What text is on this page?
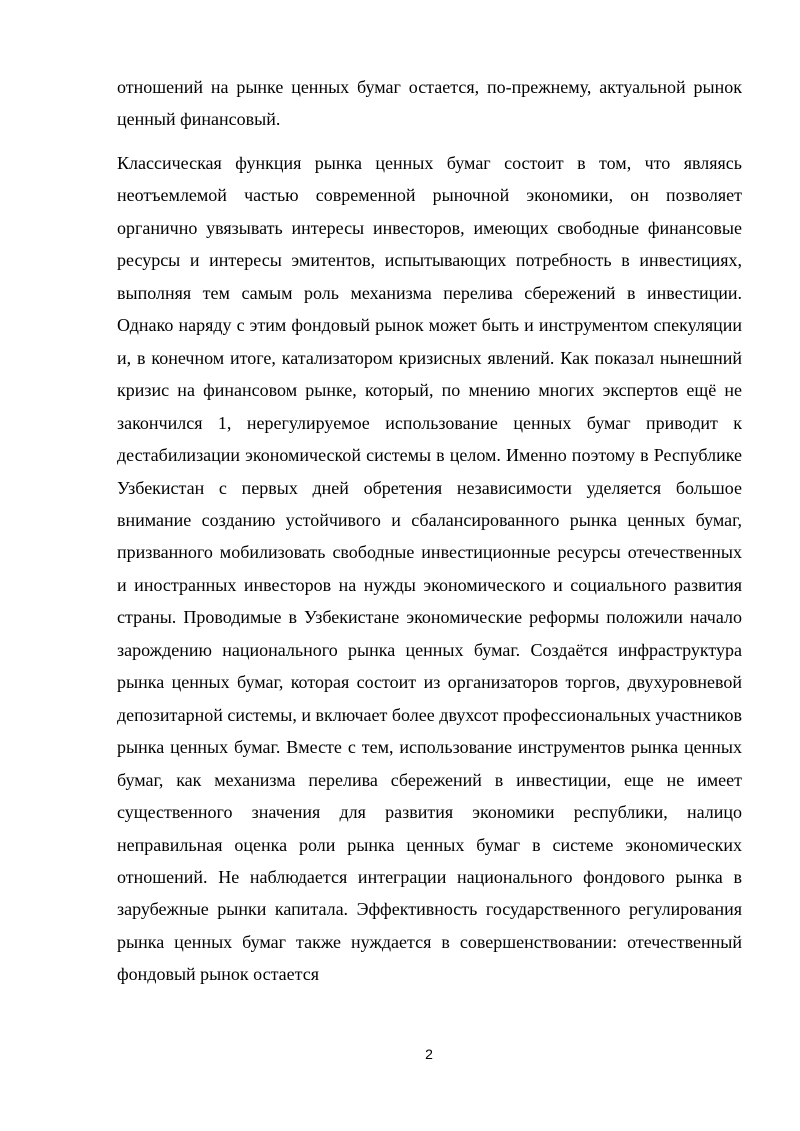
отношений на рынке ценных бумаг остается, по-прежнему, актуальной рынок ценный финансовый.

Классическая функция рынка ценных бумаг состоит в том, что являясь неотъемлемой частью современной рыночной экономики, он позволяет органично увязывать интересы инвесторов, имеющих свободные финансовые ресурсы и интересы эмитентов, испытывающих потребность в инвестициях, выполняя тем самым роль механизма перелива сбережений в инвестиции. Однако наряду с этим фондовый рынок может быть и инструментом спекуляции и, в конечном итоге, катализатором кризисных явлений. Как показал нынешний кризис на финансовом рынке, который, по мнению многих экспертов ещё не закончился 1, нерегулируемое использование ценных бумаг приводит к дестабилизации экономической системы в целом. Именно поэтому в Республике Узбекистан с первых дней обретения независимости уделяется большое внимание созданию устойчивого и сбалансированного рынка ценных бумаг, призванного мобилизовать свободные инвестиционные ресурсы отечественных и иностранных инвесторов на нужды экономического и социального развития страны. Проводимые в Узбекистане экономические реформы положили начало зарождению национального рынка ценных бумаг. Создаётся инфраструктура рынка ценных бумаг, которая состоит из организаторов торгов, двухуровневой депозитарной системы, и включает более двухсот профессиональных участников рынка ценных бумаг. Вместе с тем, использование инструментов рынка ценных бумаг, как механизма перелива сбережений в инвестиции, еще не имеет существенного значения для развития экономики республики, налицо неправильная оценка роли рынка ценных бумаг в системе экономических отношений. Не наблюдается интеграции национального фондового рынка в зарубежные рынки капитала. Эффективность государственного регулирования рынка ценных бумаг также нуждается в совершенствовании: отечественный фондовый рынок остается

2
